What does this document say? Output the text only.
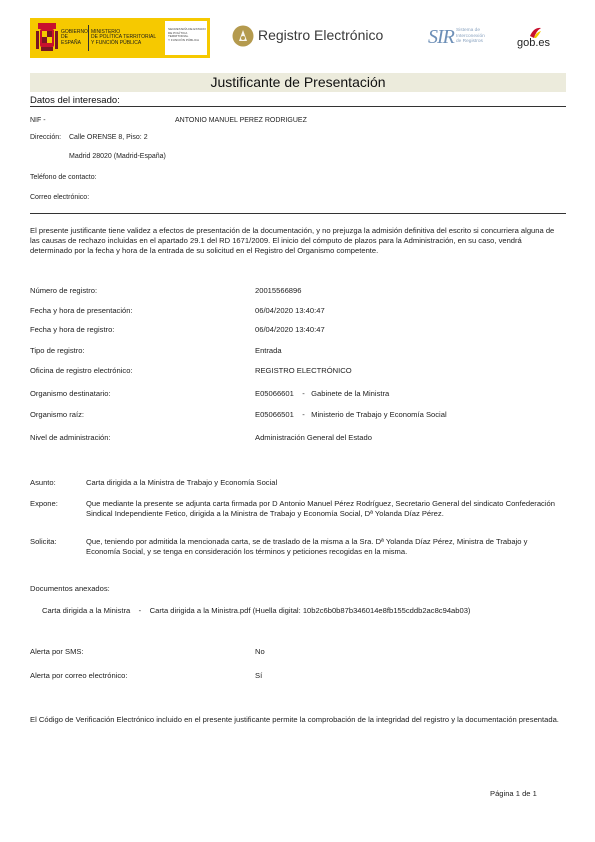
GOBIERNO
DE ESPAÑA
MINISTERIO
DE POLÍTICA TERRITORIAL
Y FUNCIÓN PÚBLICA
SECRETARÍA DE ESTADO
DE POLÍTICA TERRITORIAL
Y FUNCIÓN PÚBLICA	Registro Electrónico SIR Sistema de
Interconexión
de Registros	gob.es
Justificante de Presentación
Datos del interesado:
NIF -	ANTONIO MANUEL PEREZ RODRIGUEZ
Dirección: Calle ORENSE 8, Piso: 2
Madrid 28020 (Madrid-España)
Teléfono de contacto:
Correo electrónico:
El presente justificante tiene validez a efectos de presentación de la documentación, y no prejuzga la admisión definitiva del escrito si concurriera alguna de las causas de rechazo incluidas en el apartado 29.1 del RD 1671/2009. El inicio del cómputo de plazos para la Administración, en su caso, vendrá determinado por la fecha y hora de la entrada de su solicitud en el Registro del Organismo competente.
Número de registro:	20015566896
Fecha y hora de presentación:	06/04/2020 13:40:47
Fecha y hora de registro:	06/04/2020 13:40:47
Tipo de registro:	Entrada
Oficina de registro electrónico:	REGISTRO ELECTRÓNICO
Organismo destinatario:	E05066601    -   Gabinete de la Ministra
Organismo raíz:	E05066501    -   Ministerio de Trabajo y Economía Social
Nivel de administración:	Administración General del Estado
Asunto:	Carta dirigida a la Ministra de Trabajo y Economía Social
Expone:	Que mediante la presente se adjunta carta firmada por D Antonio Manuel Pérez Rodríguez, Secretario General del sindicato Confederación Sindical Independiente Fetico, dirigida a la Ministra de Trabajo y Economía Social, Dª Yolanda Díaz Pérez.
Solicita:	Que, teniendo por admitida la mencionada carta, se de traslado de la misma a la Sra. Dª Yolanda Díaz Pérez, Ministra de Trabajo y Economía Social, y se tenga en consideración los términos y peticiones recogidas en la misma.
Documentos anexados:
Carta dirigida a la Ministra    -    Carta dirigida a la Ministra.pdf (Huella digital: 10b2c6b0b87b346014e8fb155cddb2ac8c94ab03)
Alerta por SMS:	No
Alerta por correo electrónico:	Sí
El Código de Verificación Electrónico incluido en el presente justificante permite la comprobación de la integridad del registro y la documentación presentada.
Página 1 de 1
